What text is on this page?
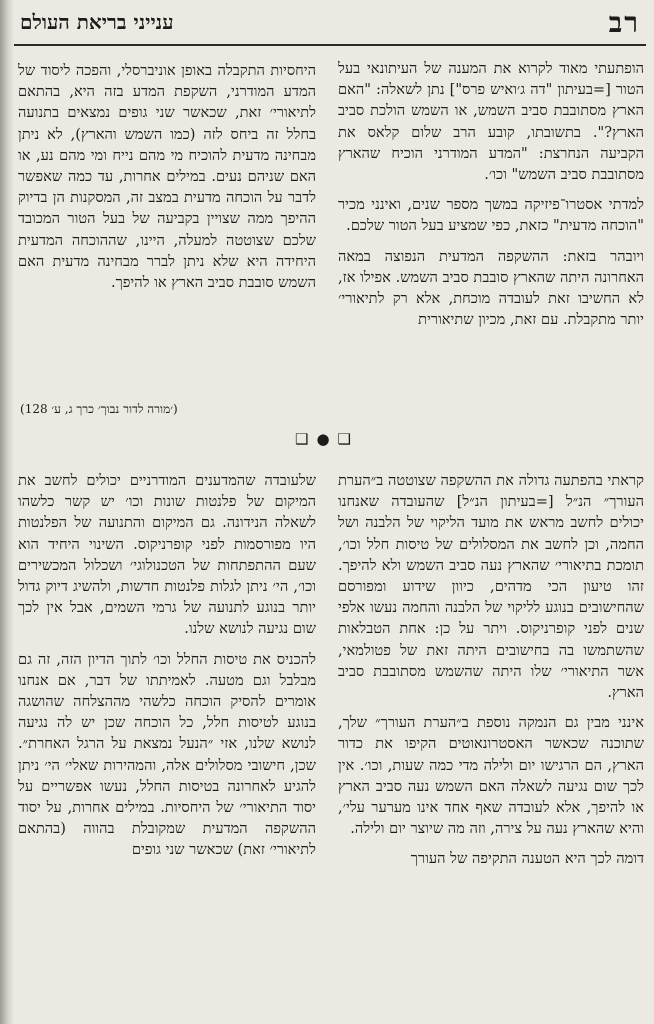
רב
ענייני בריאת העולם

הופתעתי מאוד לקרוא את המענה של העיתונאי בעל הטור [=בעיתון "דה ג׳ואיש פרס"] נתן לשאלה: "האם הארץ מסתובבת סביב השמש, או השמש הולכת סביב הארץ?". בתשובתו, קובע הרב שלום קלאס את הקביעה הנחרצת: "המדע המודרני הוכיח שהארץ מסתובבת סביב השמש" וכו׳.

למדתי אסטרו־פיזיקה במשך מספר שנים, ואינני מכיר "הוכחה מדעית" כזאת, כפי שמציע בעל הטור שלכם.

ויובהר בזאת: ההשקפה המדעית הנפוצה במאה האחרונה היתה שהארץ סובבת סביב השמש. אפילו אז, לא החשיבו זאת לעובדה מוכחת, אלא רק לתיאורי׳ יותר מתקבלת. עם זאת, מכיון שתיאורית

היחסיות התקבלה באופן אוניברסלי, והפכה ליסוד של המדע המודרני, השקפת המדע בזה היא, בהתאם לתיאורי׳ זאת, שכאשר שני גופים נמצאים בתנועה בחלל זה ביחס לזה (כמו השמש והארץ), לא ניתן מבחינה מדעית להוכיח מי מהם נייח ומי מהם נע, או האם שניהם נעים. במילים אחרות, עד כמה שאפשר לדבר על הוכחה מדעית במצב זה, המסקנות הן בדיוק ההיפך ממה שצויין בקביעה של בעל הטור המכובד שלכם שצוטטה למעלה, היינו, שההוכחה המדעית היחידה היא שלא ניתן לברר מבחינה מדעית האם השמש סובבת סביב הארץ או להיפך.

(׳מורה לדור נבוך׳ כרך ג, ע׳ 128)
❑●❑

קראתי בהפתעה גדולה את ההשקפה שצוטטה ב״הערת העורך״ הנ״ל [=בעיתון הנ״ל] שהעובדה שאנחנו יכולים לחשב מראש את מועד הליקוי של הלבנה ושל החמה, וכן לחשב את המסלולים של טיסות חלל וכו׳, תומכת בתיאורי׳ שהארץ נעה סביב השמש ולא להיפך. זהו טיעון הכי מדהים, כיוון שידוע ומפורסם שהחישובים בנוגע לליקוי של הלבנה והחמה נעשו אלפי שנים לפני קופרניקוס. ויתר על כן: אחת הטבלאות שהשתמשו בה בחישובים היתה זאת של פטולמאי, אשר התיאורי׳ שלו היתה שהשמש מסתובבת סביב הארץ.

אינני מבין גם הנמקה נוספת ב״הערת העורך״ שלך, שתוכנה שכאשר האסטרונאוטים הקיפו את כדור הארץ, הם הרגישו יום ולילה מדי כמה שעות, וכו׳. אין לכך שום נגיעה לשאלה האם השמש נעה סביב הארץ או להיפך, אלא לעובדה שאף אחד אינו מערער עלי׳, והיא שהארץ נעה על צירה, וזה מה שיוצר יום ולילה.

דומה לכך היא הטענה התקיפה של העורך

שלעובדה שהמדענים המודרניים יכולים לחשב את המיקום של פלנטות שונות וכו׳ יש קשר כלשהו לשאלה הנידונה. גם המיקום והתנועה של הפלנטות היו מפורסמות לפני קופרניקוס. השינוי היחיד הוא שעם ההתפתחות של הטכנולוגי׳ ושכלול המכשירים וכו׳, הי׳ ניתן לגלות פלנטות חדשות, ולהשיג דיוק גדול יותר בנוגע לתנועה של גרמי השמים, אבל אין לכך שום נגיעה לנושא שלנו.

להכניס את טיסות החלל וכו׳ לתוך הדיון הזה, זה גם מבלבל וגם מטעה. לאמיתתו של דבר, אם אנחנו אומרים להסיק הוכחה כלשהי מההצלחה שהושגה בנוגע לטיסות חלל, כל הוכחה שכן יש לה נגיעה לנושא שלנו, אזי ״הנעל נמצאת על הרגל האחרת״. שכן, חישובי מסלולים אלה, והמהירות שאלי׳ הי׳ ניתן להגיע לאחרונה בטיסות החלל, נעשו אפשריים על יסוד התיאורי׳ של היחסיות. במילים אחרות, על יסוד ההשקפה המדעית שמקובלת בהווה (בהתאם לתיאורי׳ זאת) שכאשר שני גופים
